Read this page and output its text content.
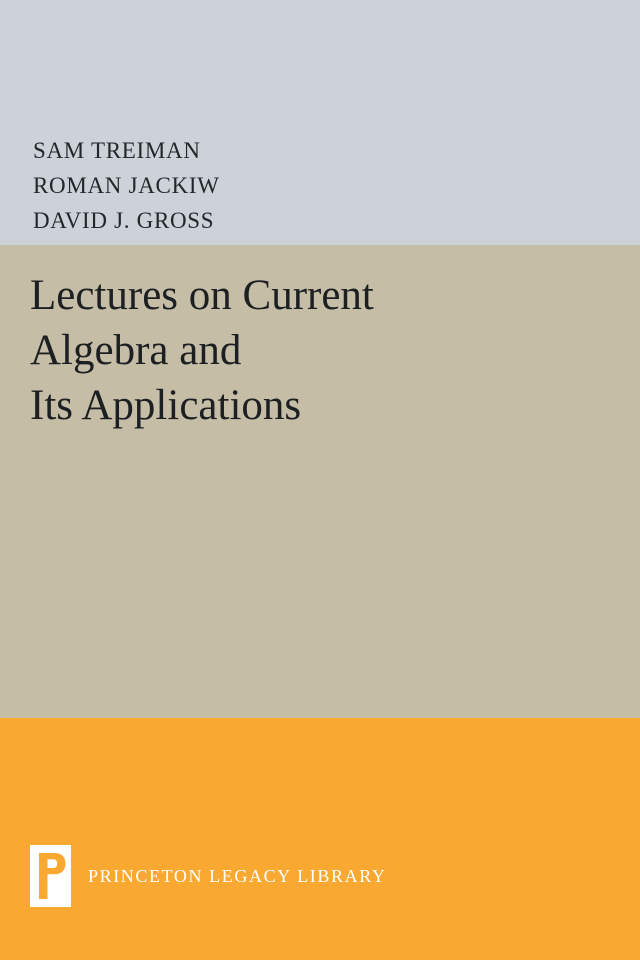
SAM TREIMAN
ROMAN JACKIW
DAVID J. GROSS
Lectures on Current
Algebra and
Its Applications
PRINCETON LEGACY LIBRARY
